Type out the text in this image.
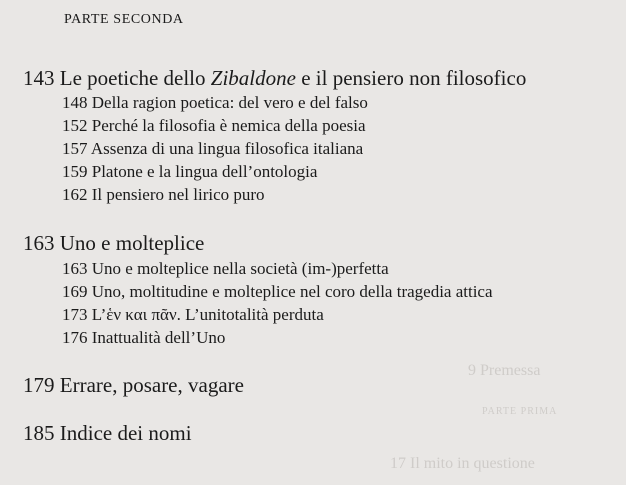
9 Premessa
PARTE PRIMA
17 Il mito in questione
PARTE SECONDA
143 Le poetiche dello Zibaldone e il pensiero non filosofico
148 Della ragion poetica: del vero e del falso
152 Perché la filosofia è nemica della poesia
157 Assenza di una lingua filosofica italiana
159 Platone e la lingua dell’ontologia
162 Il pensiero nel lirico puro
163 Uno e molteplice
163 Uno e molteplice nella società (im-)perfetta
169 Uno, moltitudine e molteplice nel coro della tragedia attica
173 L’ἑν και πᾶν. L’unitotalità perduta
176 Inattualità dell’Uno
179 Errare, posare, vagare
185 Indice dei nomi
